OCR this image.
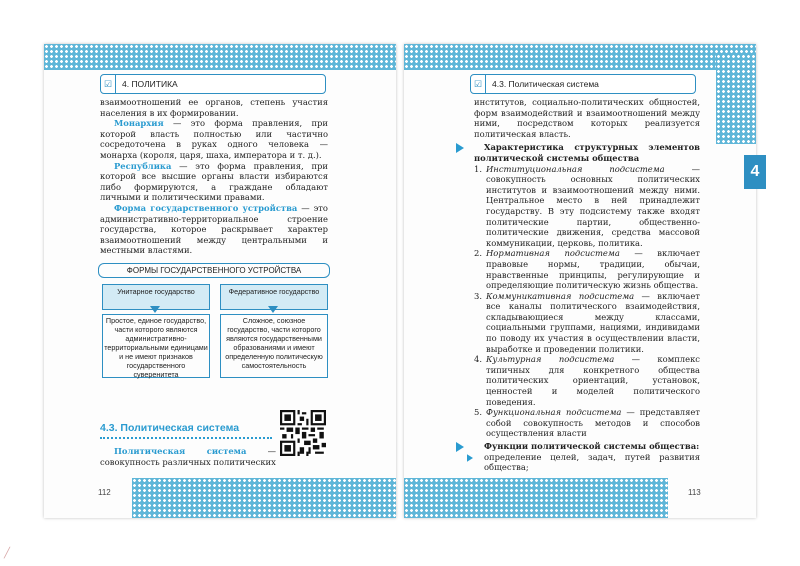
112
☑	4. ПОЛИТИКА

взаимоотношений ее органов, степень участия населения в их формировании.

Монархия — это форма правления, при которой власть полностью или частично сосредоточена в руках одного человека — монарха (короля, царя, шаха, императора и т. д.).

Республика — это форма правления, при которой все высшие органы власти избираются либо формируются, а граждане обладают личными и политическими правами.

Форма государственного устройства — это административно-территориальное строение государства, которое раскрывает характер взаимоотношений между центральными и местными властями.

ФОРМЫ ГОСУДАРСТВЕННОГО УСТРОЙСТВА
Унитарное государство	Федеративное государство
Простое, единое государство, части которого являются административно-территориальными единицами и не имеют признаков государственного суверенитета
Сложное, союзное государство, части которого являются государственными образованиями и имеют определенную политическую самостоятельность
4.3. Политическая система

Политическая система — совокупность различных политических

113
☑	4.3. Политическая система
4

институтов, социально-политических общностей, форм взаимодействий и взаимоотношений между ними, посредством которых реализуется политическая власть.

Характеристика структурных элементов политической системы общества

1. Институциональная подсистема — совокупность основных политических институтов и взаимоотношений между ними. Центральное место в ней принадлежит государству. В эту подсистему также входят политические партии, общественно-политические движения, средства массовой коммуникации, церковь, политика.

2. Нормативная подсистема — включает правовые нормы, традиции, обычаи, нравственные принципы, регулирующие и определяющие политическую жизнь общества.

3. Коммуникативная подсистема — включает все каналы политического взаимодействия, складывающиеся между классами, социальными группами, нациями, индивидами по поводу их участия в осуществлении власти, выработке и проведении политики.

4. Культурная подсистема — комплекс типичных для конкретного общества политических ориентаций, установок, ценностей и моделей политического поведения.

5. Функциональная подсистема — представляет собой совокупность методов и способов осуществления власти

Функции политической системы общества:

определение целей, задач, путей развития общества;

╱
